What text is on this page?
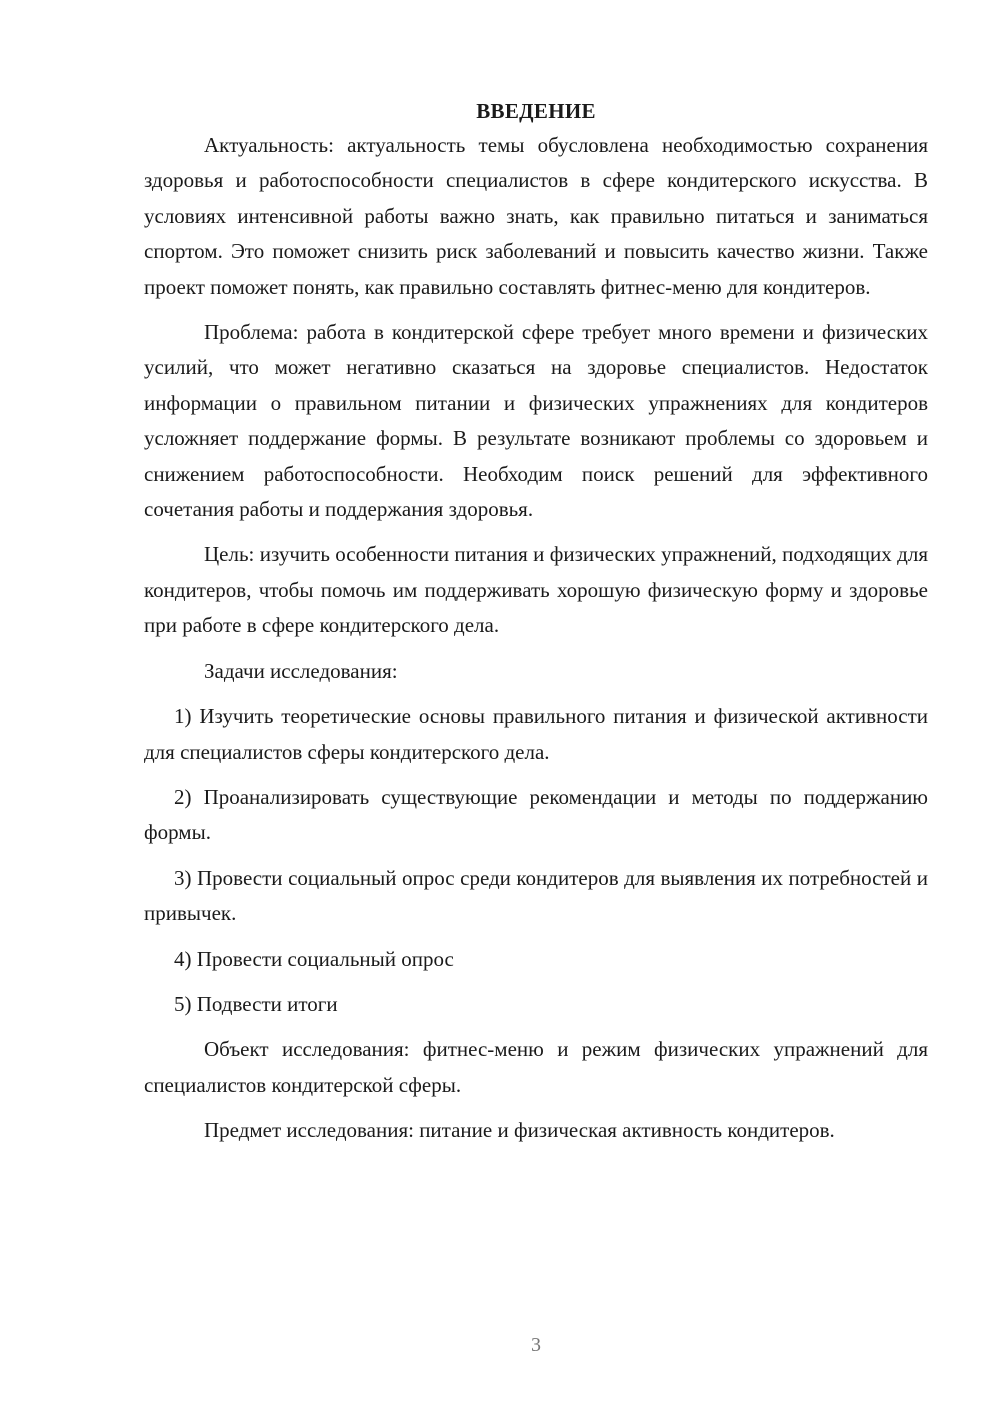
ВВЕДЕНИЕ

Актуальность: актуальность темы обусловлена необходимостью сохранения здоровья и работоспособности специалистов в сфере кондитерского искусства. В условиях интенсивной работы важно знать, как правильно питаться и заниматься спортом. Это поможет снизить риск заболеваний и повысить качество жизни. Также проект поможет понять, как правильно составлять фитнес-меню для кондитеров.

Проблема: работа в кондитерской сфере требует много времени и физических усилий, что может негативно сказаться на здоровье специалистов. Недостаток информации о правильном питании и физических упражнениях для кондитеров усложняет поддержание формы. В результате возникают проблемы со здоровьем и снижением работоспособности. Необходим поиск решений для эффективного сочетания работы и поддержания здоровья.

Цель: изучить особенности питания и физических упражнений, подходящих для кондитеров, чтобы помочь им поддерживать хорошую физическую форму и здоровье при работе в сфере кондитерского дела.

Задачи исследования:

1) Изучить теоретические основы правильного питания и физической активности для специалистов сферы кондитерского дела.

2) Проанализировать существующие рекомендации и методы по поддержанию формы.

3) Провести социальный опрос среди кондитеров для выявления их потребностей и привычек.

4) Провести социальный опрос

5) Подвести итоги

Объект исследования: фитнес-меню и режим физических упражнений для специалистов кондитерской сферы.

Предмет исследования: питание и физическая активность кондитеров.

3
